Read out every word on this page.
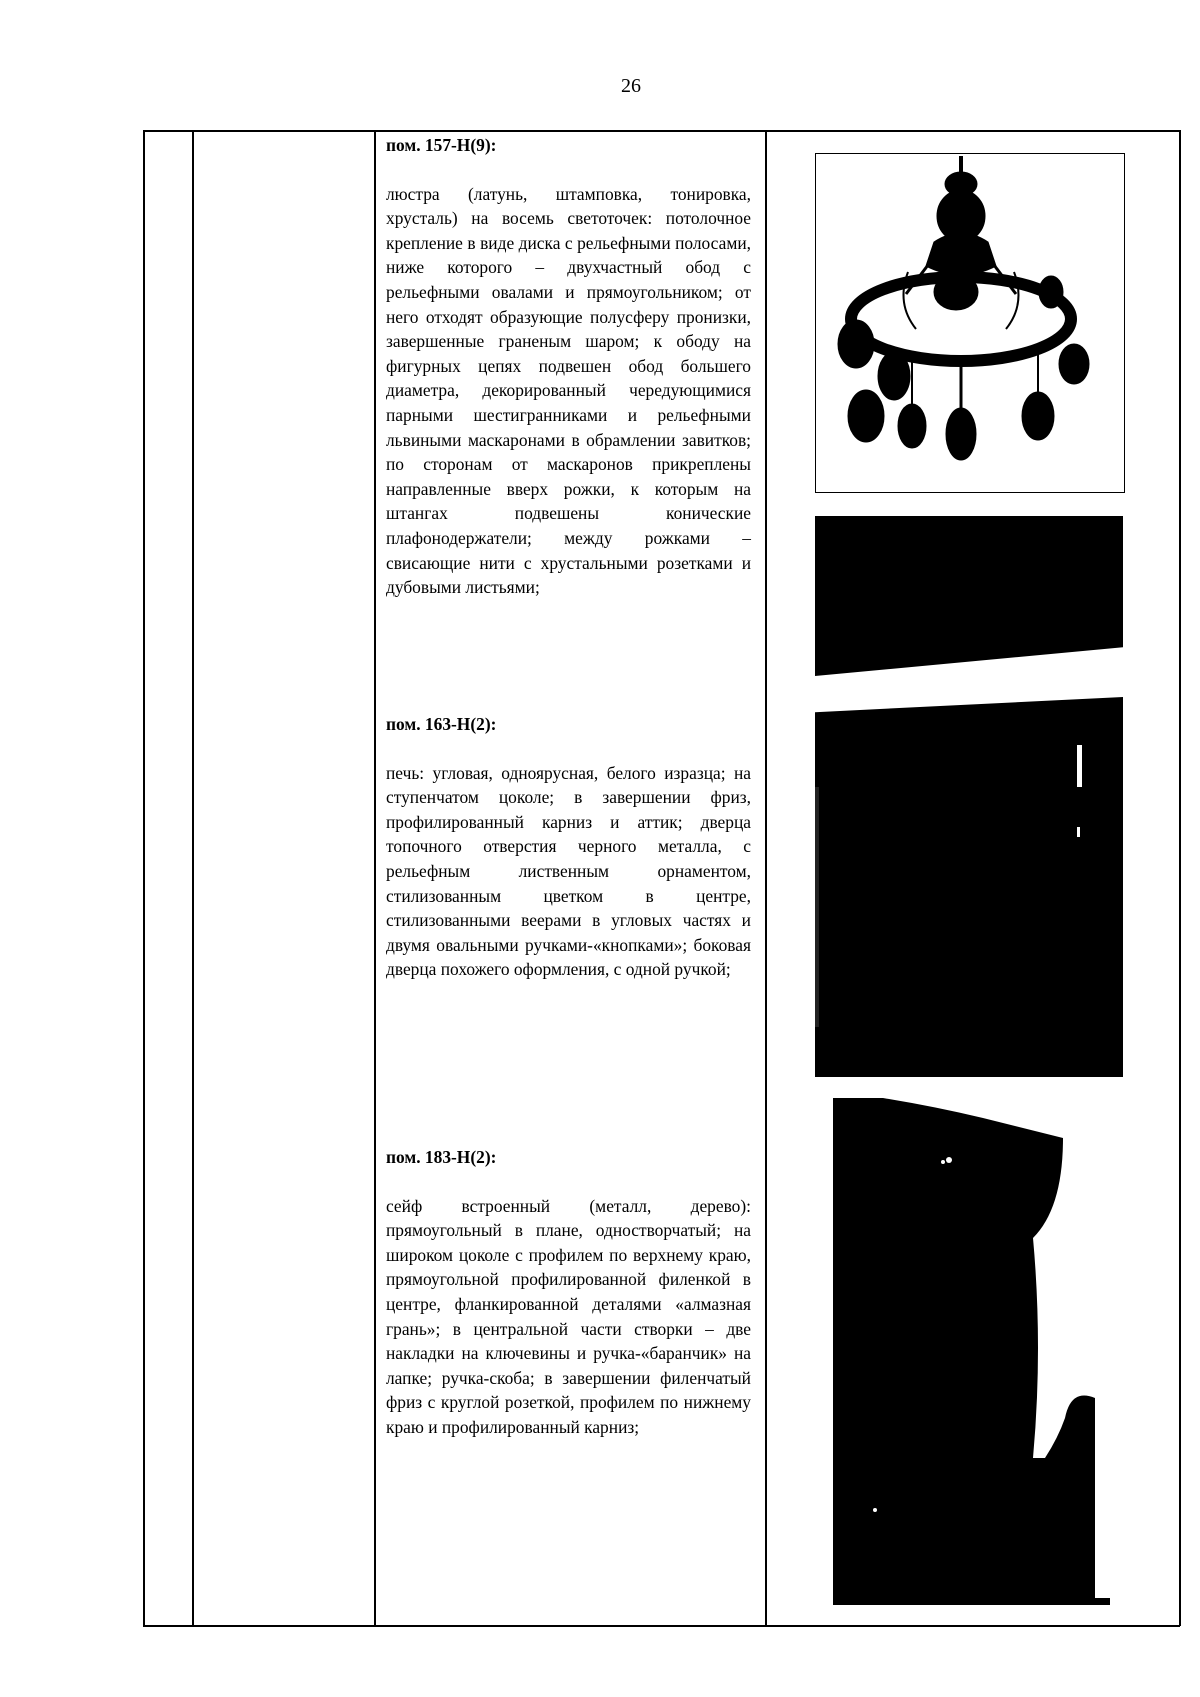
26

пом. 157-Н(9):

люстра (латунь, штамповка, тонировка, хрусталь) на восемь светоточек: потолочное крепление в виде диска с рельефными полосами, ниже которого – двухчастный обод с рельефными овалами и прямоугольником; от него отходят образующие полусферу пронизки, завершенные граненым шаром; к ободу на фигурных цепях подвешен обод большего диаметра, декорированный чередующимися парными шестигранниками и рельефными львиными маскаронами в обрамлении завитков; по сторонам от маскаронов прикреплены направленные вверх рожки, к которым на штангах подвешены конические плафонодержатели; между рожками – свисающие нити с хрустальными розетками и дубовыми листьями;

пом. 163-Н(2):

печь: угловая, одноярусная, белого изразца; на ступенчатом цоколе; в завершении фриз, профилированный карниз и аттик; дверца топочного отверстия черного металла, с рельефным лиственным орнаментом, стилизованным цветком в центре, стилизованными веерами в угловых частях и двумя овальными ручками-«кнопками»; боковая дверца похожего оформления, с одной ручкой;

пом. 183-Н(2):

сейф встроенный (металл, дерево): прямоугольный в плане, одностворчатый; на широком цоколе с профилем по верхнему краю, прямоугольной профилированной филенкой в центре, фланкированной деталями «алмазная грань»; в центральной части створки – две накладки на ключевины и ручка-«баранчик» на лапке; ручка-скоба; в завершении филенчатый фриз с круглой розеткой, профилем по нижнему краю и профилированный карниз;
